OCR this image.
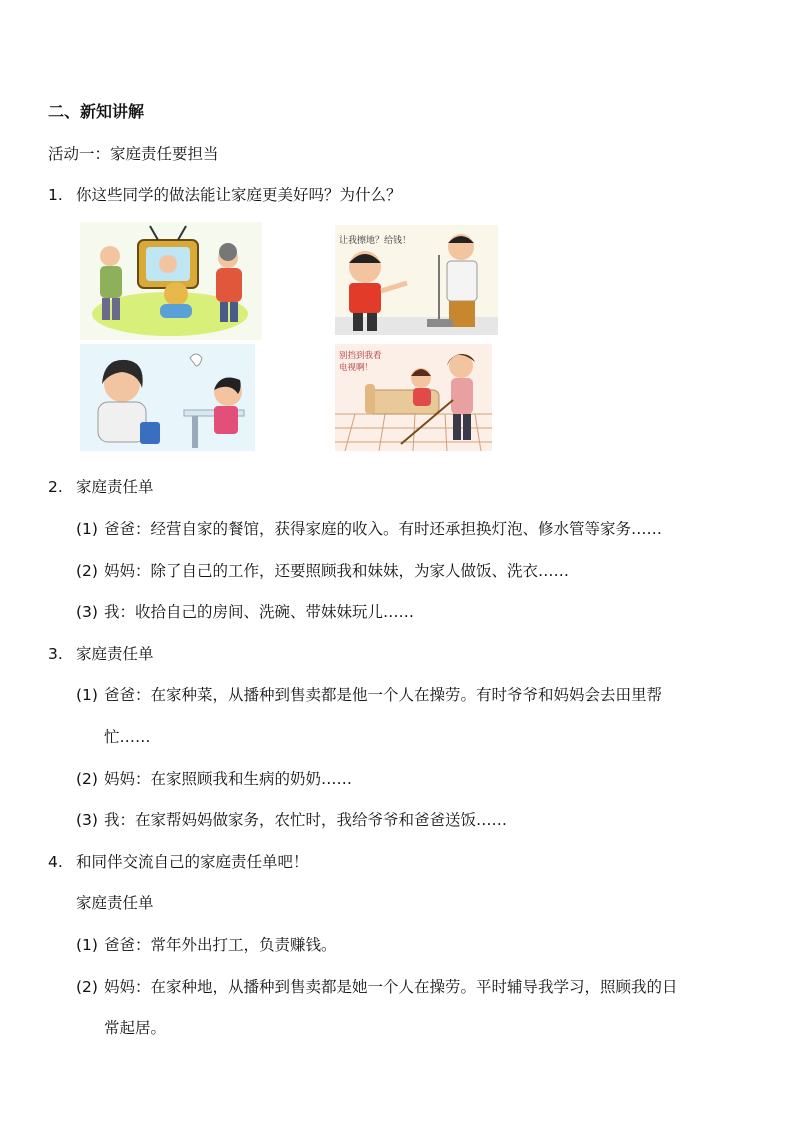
二、新知讲解
活动一：家庭责任要担当
1. 你这些同学的做法能让家庭更美好吗？为什么？
让我擦地？给钱！
别挡到我看
电视啊！
2. 家庭责任单
(1) 爸爸：经营自家的餐馆，获得家庭的收入。有时还承担换灯泡、修水管等家务……
(2) 妈妈：除了自己的工作，还要照顾我和妹妹，为家人做饭、洗衣……
(3) 我：收拾自己的房间、洗碗、带妹妹玩儿……
3. 家庭责任单
(1) 爸爸：在家种菜，从播种到售卖都是他一个人在操劳。有时爷爷和妈妈会去田里帮
忙……
(2) 妈妈：在家照顾我和生病的奶奶……
(3) 我：在家帮妈妈做家务，农忙时，我给爷爷和爸爸送饭……
4. 和同伴交流自己的家庭责任单吧！
家庭责任单
(1) 爸爸：常年外出打工，负责赚钱。
(2) 妈妈：在家种地，从播种到售卖都是她一个人在操劳。平时辅导我学习，照顾我的日
常起居。
